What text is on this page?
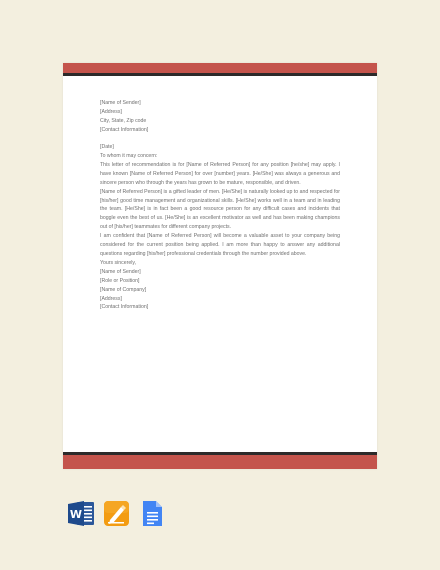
[Name of Sender]

[Address]

City, State, Zip code

[Contact Information]

[Date]

To whom it may concern:

This letter of recommendation is for [Name of Referred Person] for any position [he/she] may apply. I have known [Name of Referred Person] for over [number] years. [He/She] was always a generous and sincere person who through the years has grown to be mature, responsible, and driven.

[Name of Referred Person] is a gifted leader of men. [He/She] is naturally looked up to and respected for [his/her] good time management and organizational skills. [He/She] works well in a team and in leading the team. [He/She] is in fact been a good resource person for any difficult cases and incidents that boggle even the best of us. [He/She] is an excellent motivator as well and has been making champions out of [his/her] teammates for different company projects.

I am confident that [Name of Referred Person] will become a valuable asset to your company being considered for the current position being applied. I am more than happy to answer any additional questions regarding [his/her] professional credentials through the number provided above.

Yours sincerely,

[Name of Sender]

[Role or Position]

[Name of Company]

[Address]

[Contact Information]

W
